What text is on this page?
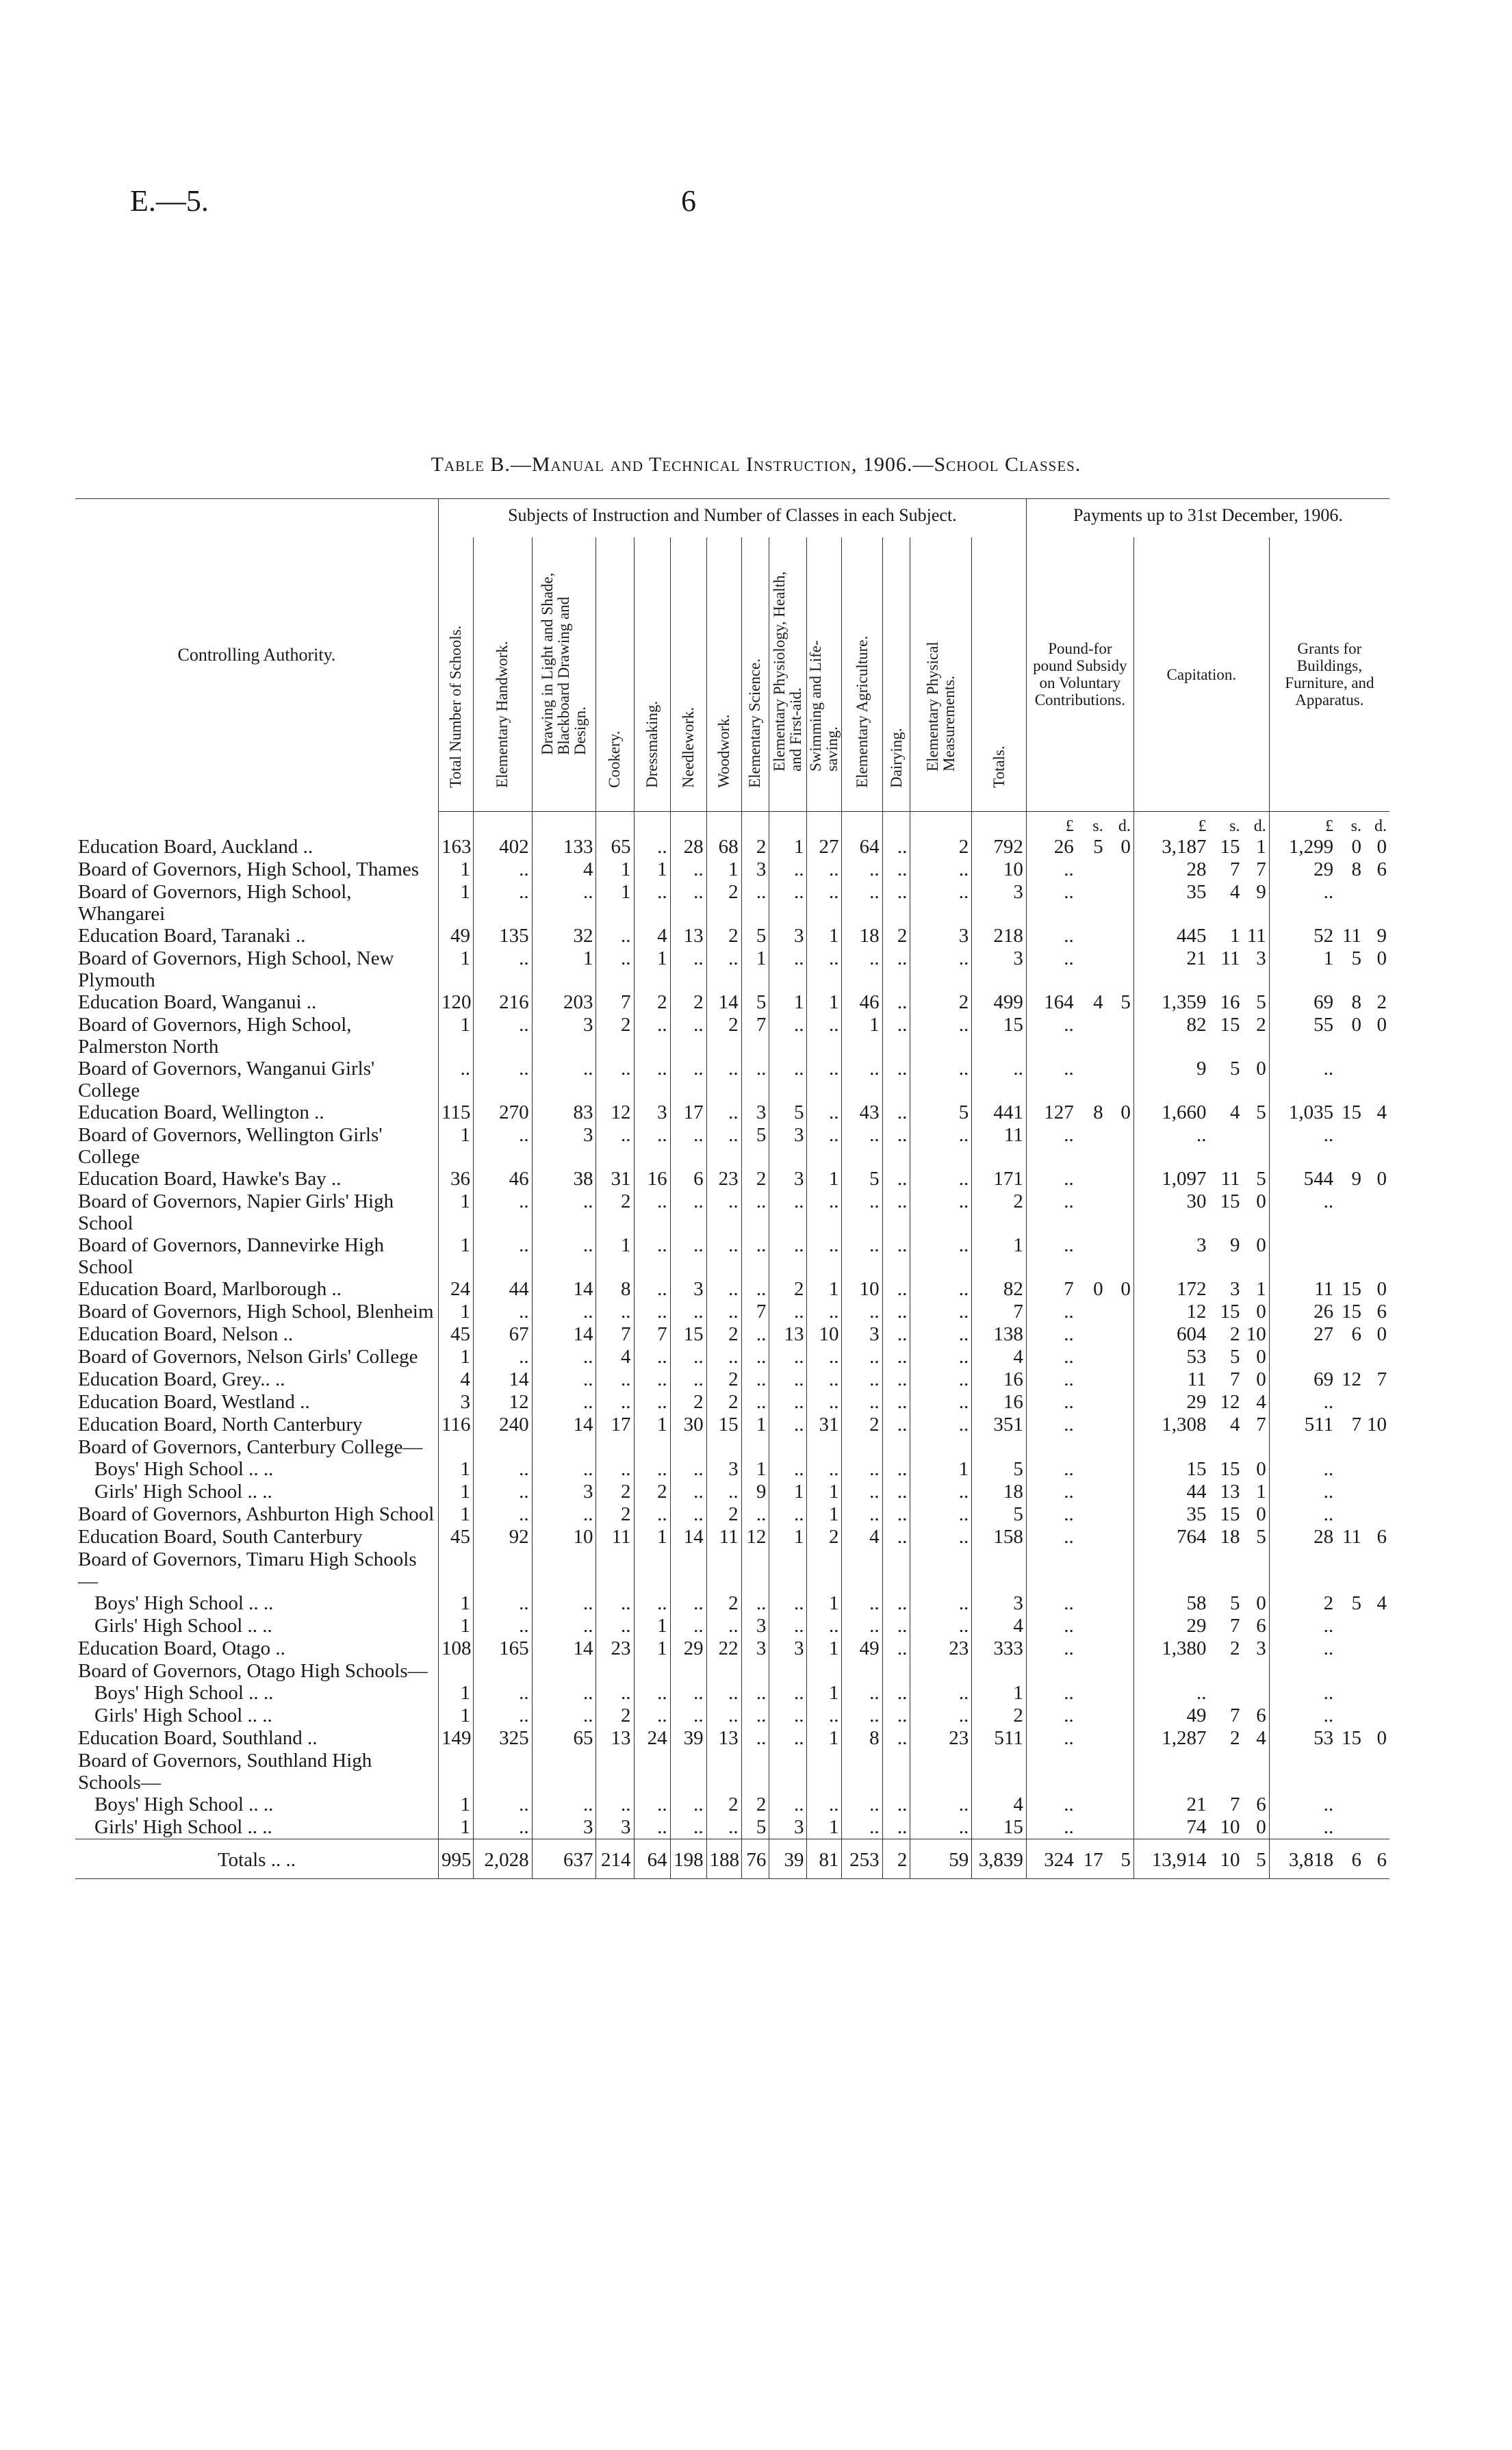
E.—5.	6
Table B.—Manual and Technical Instruction, 1906.—School Classes.
Controlling Authority.	Subjects of Instruction and Number of Classes in each Subject.														Payments up to 31st December, 1906.								

	Total Number of Schools.	Elementary Handwork.	Drawing in Light and Shade, Blackboard Drawing and Design.	Cookery.	Dressmaking.	Needlework.	Woodwork.	Elementary Science.	Elementary Physiology, Health, and First-aid.	Swimming and Life-saving.	Elementary Agriculture.	Dairying.	Elementary Physical Measurements.	Totals.	Pound-for pound Subsidy on Voluntary Contributions.			Capitation.			Grants for Buildings, Furniture, and Apparatus.		
															£	s.	d.	£	s.	d.	£	s.	d.
Education Board, Auckland ..	163	402	133	65	..	28	68	2	1	27	64	..	2	792	26	5	0	3,187	15	1	1,299	0	0
Board of Governors, High School, Thames	1	..	4	1	1	..	1	3	..	..	..	..	..	10	..			28	7	7	29	8	6
Board of Governors, High School, Whangarei	1	..	..	1	..	..	2	..	..	..	..	..	..	3	..			35	4	9	..		
Education Board, Taranaki ..	49	135	32	..	4	13	2	5	3	1	18	2	3	218	..			445	1	11	52	11	9
Board of Governors, High School, New Plymouth	1	..	1	..	1	..	..	1	..	..	..	..	..	3	..			21	11	3	1	5	0
Education Board, Wanganui ..	120	216	203	7	2	2	14	5	1	1	46	..	2	499	164	4	5	1,359	16	5	69	8	2
Board of Governors, High School, Palmerston North	1	..	3	2	..	..	2	7	..	..	1	..	..	15	..			82	15	2	55	0	0
Board of Governors, Wanganui Girls' College	..	..	..	..	..	..	..	..	..	..	..	..	..	..	..			9	5	0	..		
Education Board, Wellington ..	115	270	83	12	3	17	..	3	5	..	43	..	5	441	127	8	0	1,660	4	5	1,035	15	4
Board of Governors, Wellington Girls' College	1	..	3	..	..	..	..	5	3	..	..	..	..	11	..			..			..		
Education Board, Hawke's Bay ..	36	46	38	31	16	6	23	2	3	1	5	..	..	171	..			1,097	11	5	544	9	0
Board of Governors, Napier Girls' High School	1	..	..	2	..	..	..	..	..	..	..	..	..	2	..			30	15	0	..		
Board of Governors, Dannevirke High School	1	..	..	1	..	..	..	..	..	..	..	..	..	1	..			3	9	0			
Education Board, Marlborough ..	24	44	14	8	..	3	..	..	2	1	10	..	..	82	7	0	0	172	3	1	11	15	0
Board of Governors, High School, Blenheim	1	..	..	..	..	..	..	7	..	..	..	..	..	7	..			12	15	0	26	15	6
Education Board, Nelson ..	45	67	14	7	7	15	2	..	13	10	3	..	..	138	..			604	2	10	27	6	0
Board of Governors, Nelson Girls' College	1	..	..	4	..	..	..	..	..	..	..	..	..	4	..			53	5	0			
Education Board, Grey.. ..	4	14	..	..	..	..	2	..	..	..	..	..	..	16	..			11	7	0	69	12	7
Education Board, Westland ..	3	12	..	..	..	2	2	..	..	..	..	..	..	16	..			29	12	4	..		
Education Board, North Canterbury	116	240	14	17	1	30	15	1	..	31	2	..	..	351	..			1,308	4	7	511	7	10
Board of Governors, Canterbury College—																							
Boys' High School .. ..	1	..	..	..	..	..	3	1	..	..	..	..	1	5	..			15	15	0	..		
Girls' High School .. ..	1	..	3	2	2	..	..	9	1	1	..	..	..	18	..			44	13	1	..		
Board of Governors, Ashburton High School	1	..	..	2	..	..	2	..	..	1	..	..	..	5	..			35	15	0	..		
Education Board, South Canterbury	45	92	10	11	1	14	11	12	1	2	4	..	..	158	..			764	18	5	28	11	6
Board of Governors, Timaru High Schools—																							
Boys' High School .. ..	1	..	..	..	..	..	2	..	..	1	..	..	..	3	..			58	5	0	2	5	4
Girls' High School .. ..	1	..	..	..	1	..	..	3	..	..	..	..	..	4	..			29	7	6	..		
Education Board, Otago ..	108	165	14	23	1	29	22	3	3	1	49	..	23	333	..			1,380	2	3	..		
Board of Governors, Otago High Schools—																							
Boys' High School .. ..	1	..	..	..	..	..	..	..	..	1	..	..	..	1	..			..			..		
Girls' High School .. ..	1	..	..	2	..	..	..	..	..	..	..	..	..	2	..			49	7	6	..		
Education Board, Southland ..	149	325	65	13	24	39	13	..	..	1	8	..	23	511	..			1,287	2	4	53	15	0
Board of Governors, Southland High Schools—																							
Boys' High School .. ..	1	..	..	..	..	..	2	2	..	..	..	..	..	4	..			21	7	6	..		
Girls' High School .. ..	1	..	3	3	..	..	..	5	3	1	..	..	..	15	..			74	10	0	..		
Totals .. ..	995	2,028	637	214	64	198	188	76	39	81	253	2	59	3,839	324	17	5	13,914	10	5	3,818	6	6
